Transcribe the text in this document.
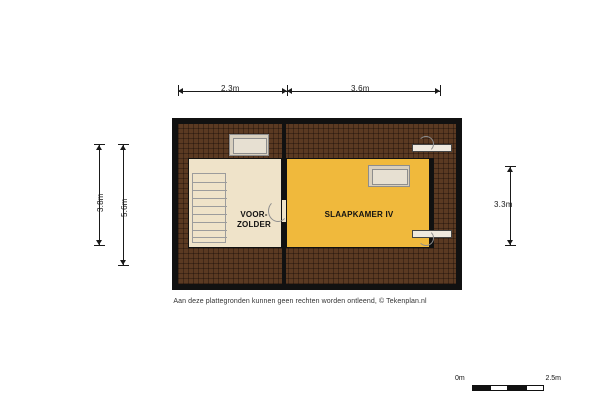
2.3m	3.6m
3.8m 5.6m	3.3m
VOOR-
ZOLDER
SLAAPKAMER IV
Aan deze plattegronden kunnen geen rechten worden ontleend, © Tekenplan.nl
0m	2.5m
